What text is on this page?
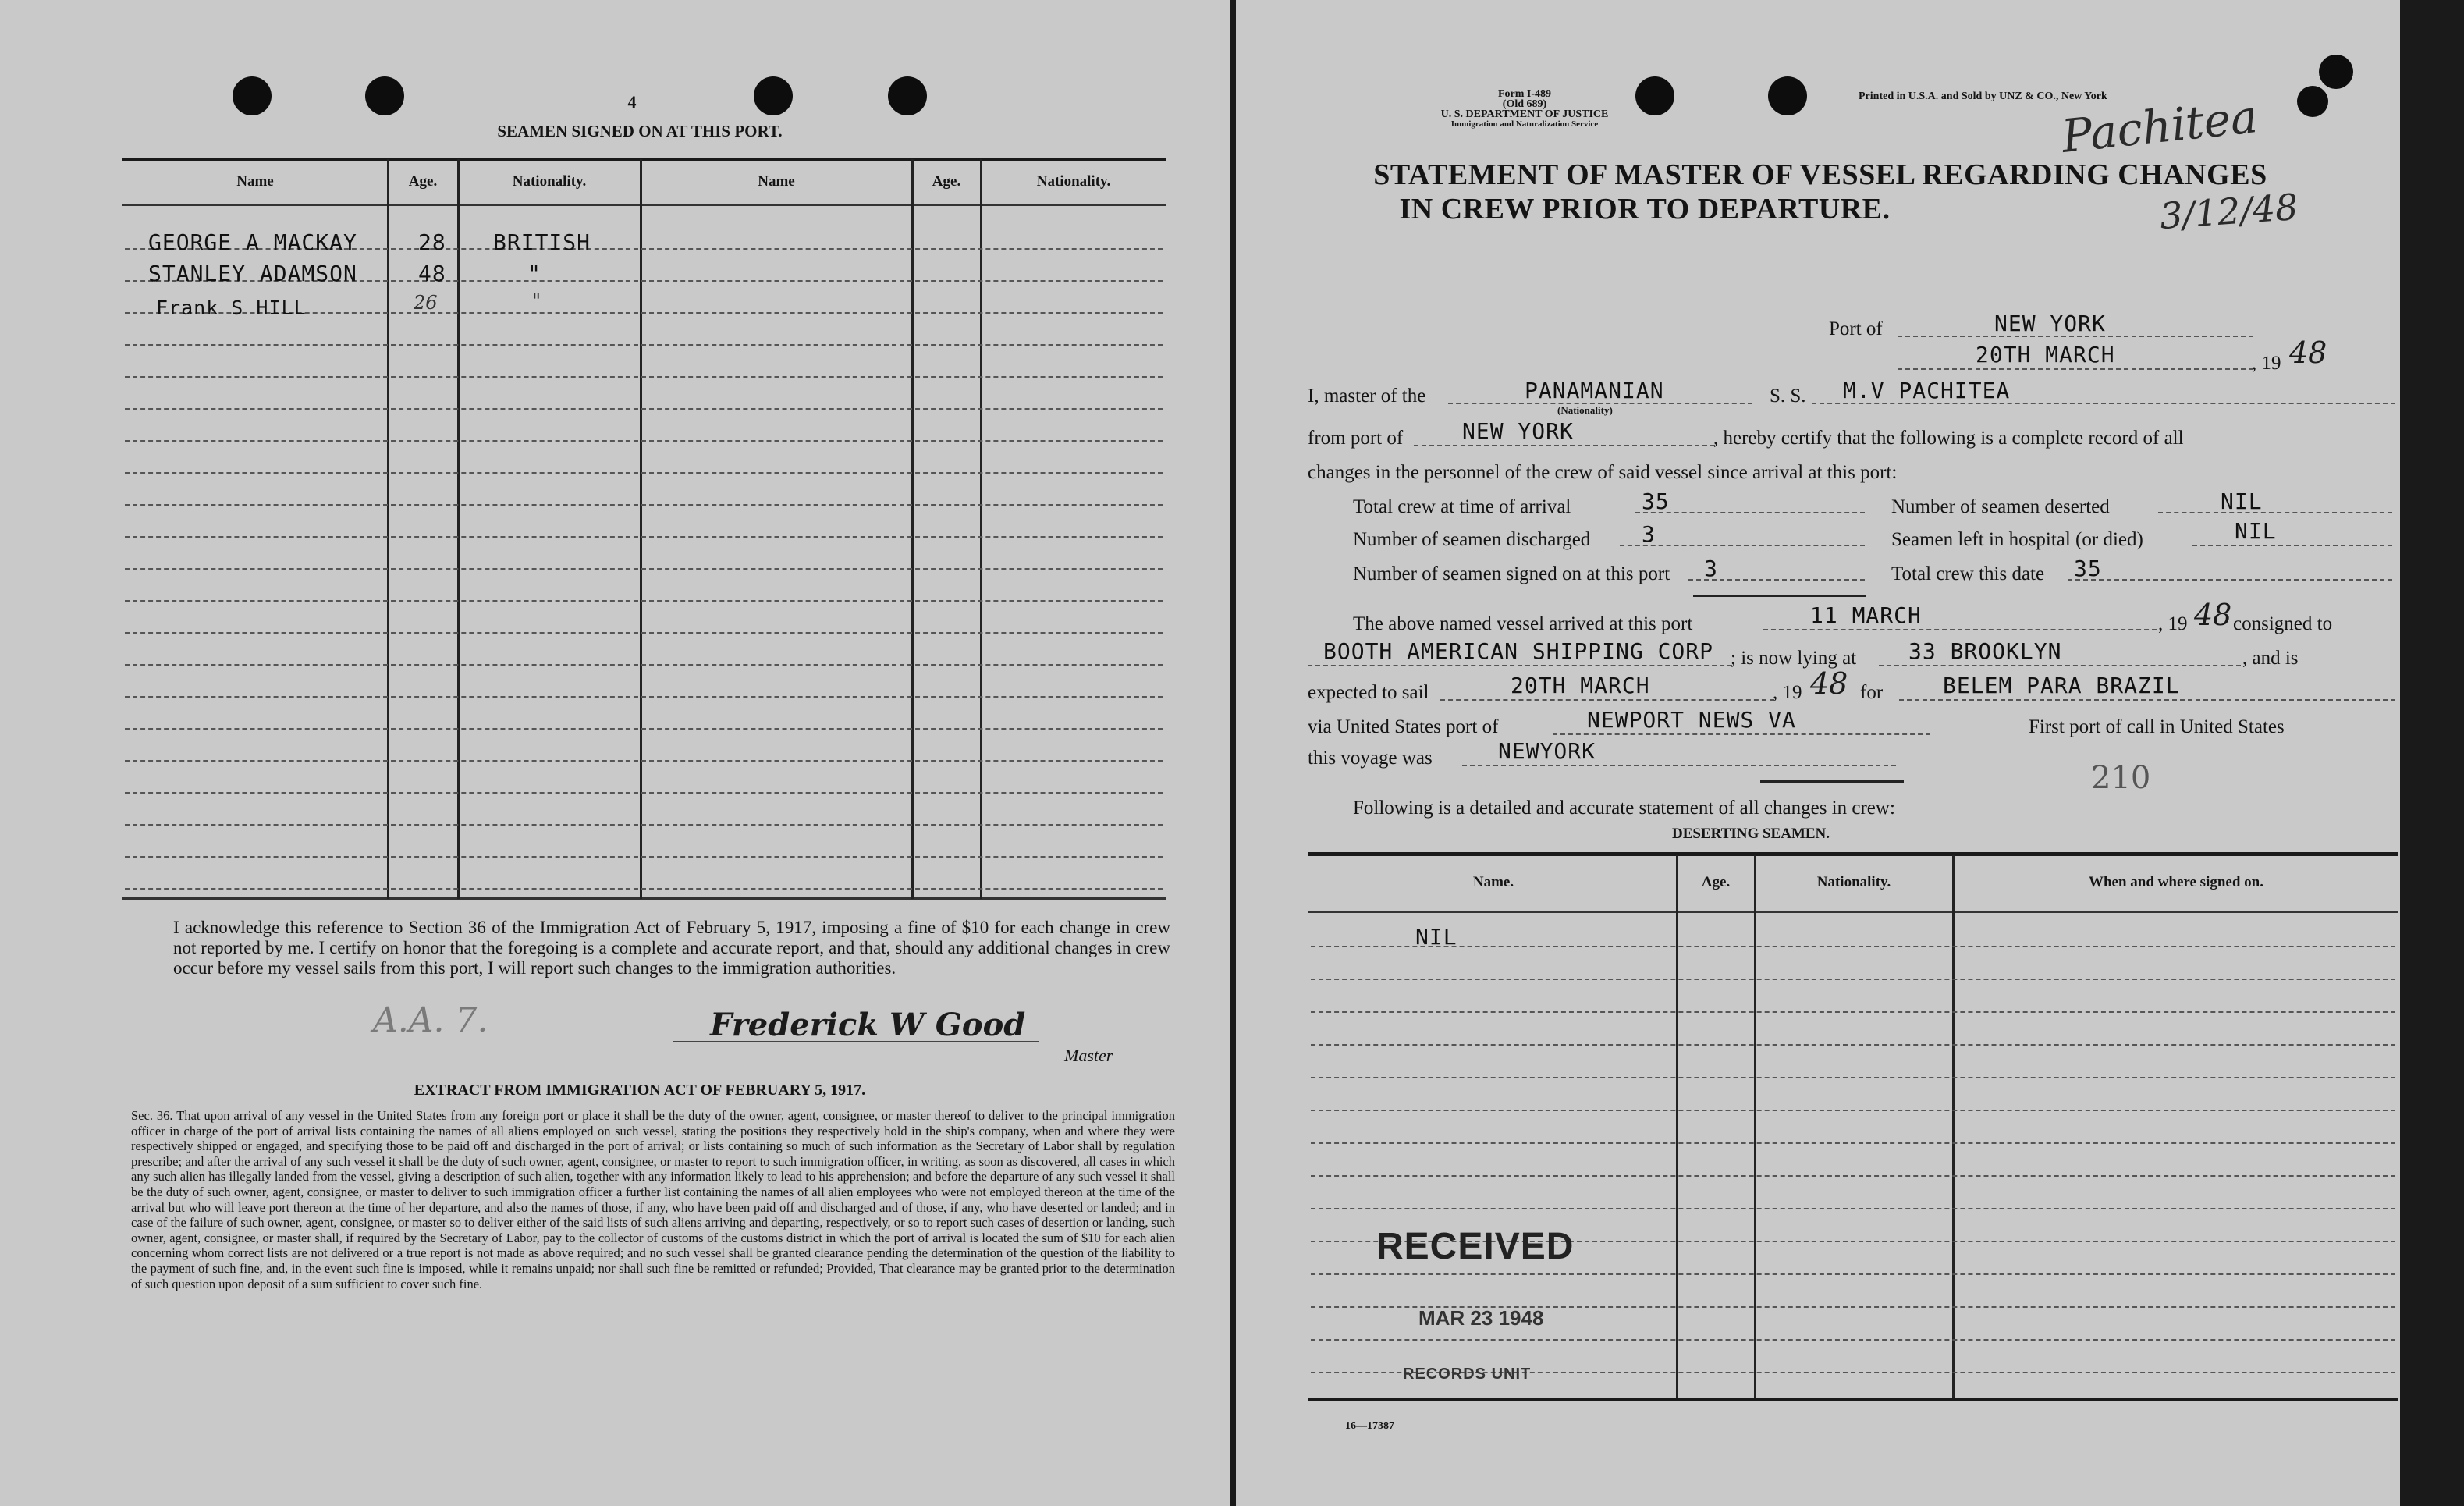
4
SEAMEN SIGNED ON AT THIS PORT.
Name	Age.	Nationality.	Name	Age.	Nationality.
GEORGE A MACKAY	28 BRITISH
STANLEY ADAMSON	48	"
Frank S HILL	26	"
I acknowledge this reference to Section 36 of the Immigration Act of February 5, 1917, imposing a fine of $10 for each change in crew not reported by me. I certify on honor that the foregoing is a complete and accurate report, and that, should any additional changes in crew occur before my vessel sails from this port, I will report such changes to the immigration authorities.
A.A. 7.	Frederick W Good
Master
EXTRACT FROM IMMIGRATION ACT OF FEBRUARY 5, 1917.
Sec. 36. That upon arrival of any vessel in the United States from any foreign port or place it shall be the duty of the owner, agent, consignee, or master thereof to deliver to the principal immigration officer in charge of the port of arrival lists containing the names of all aliens employed on such vessel, stating the positions they respectively hold in the ship's company, when and where they were respectively shipped or engaged, and specifying those to be paid off and discharged in the port of arrival; or lists containing so much of such information as the Secretary of Labor shall by regulation prescribe; and after the arrival of any such vessel it shall be the duty of such owner, agent, consignee, or master to report to such immigration officer, in writing, as soon as discovered, all cases in which any such alien has illegally landed from the vessel, giving a description of such alien, together with any information likely to lead to his apprehension; and before the departure of any such vessel it shall be the duty of such owner, agent, consignee, or master to deliver to such immigration officer a further list containing the names of all alien employees who were not employed thereon at the time of the arrival but who will leave port thereon at the time of her departure, and also the names of those, if any, who have been paid off and discharged and of those, if any, who have deserted or landed; and in case of the failure of such owner, agent, consignee, or master so to deliver either of the said lists of such aliens arriving and departing, respectively, or so to report such cases of desertion or landing, such owner, agent, consignee, or master shall, if required by the Secretary of Labor, pay to the collector of customs of the customs district in which the port of arrival is located the sum of $10 for each alien concerning whom correct lists are not delivered or a true report is not made as above required; and no such vessel shall be granted clearance pending the determination of the question of the liability to the payment of such fine, and, in the event such fine is imposed, while it remains unpaid; nor shall such fine be remitted or refunded; Provided, That clearance may be granted prior to the determination of such question upon deposit of a sum sufficient to cover such fine.
Form I-489
(Old 689)
U. S. DEPARTMENT OF JUSTICE
Immigration and Naturalization Service
Printed in U.S.A. and Sold by UNZ & CO., New York
Pachitea
3/12/48
STATEMENT OF MASTER OF VESSEL REGARDING CHANGES
IN CREW PRIOR TO DEPARTURE.
Port of	NEW YORK
20TH MARCH	, 19 48
I, master of the	PANAMANIAN
(Nationality)
S. S. M.V PACHITEA
from port of	NEW YORK	, hereby certify that the following is a complete record of all
changes in the personnel of the crew of said vessel since arrival at this port:
Total crew at time of arrival	35
Number of seamen discharged 3
Number of seamen signed on at this port 3
Number of seamen deserted	NIL
Seamen left in hospital (or died)	NIL
Total crew this date 35
The above named vessel arrived at this port	11 MARCH	, 19 48 consigned to
BOOTH AMERICAN SHIPPING CORP ; is now lying at 33 BROOKLYN	, and is
expected to sail	20TH MARCH	, 19 48 for	BELEM PARA BRAZIL
via United States port of	NEWPORT NEWS VA	First port of call in United States
this voyage was	NEWYORK
210
Following is a detailed and accurate statement of all changes in crew:
DESERTING SEAMEN.
Name.	Age.	Nationality.	When and where signed on.
NIL
RECEIVED
MAR 23 1948
RECORDS UNIT
16—17387
